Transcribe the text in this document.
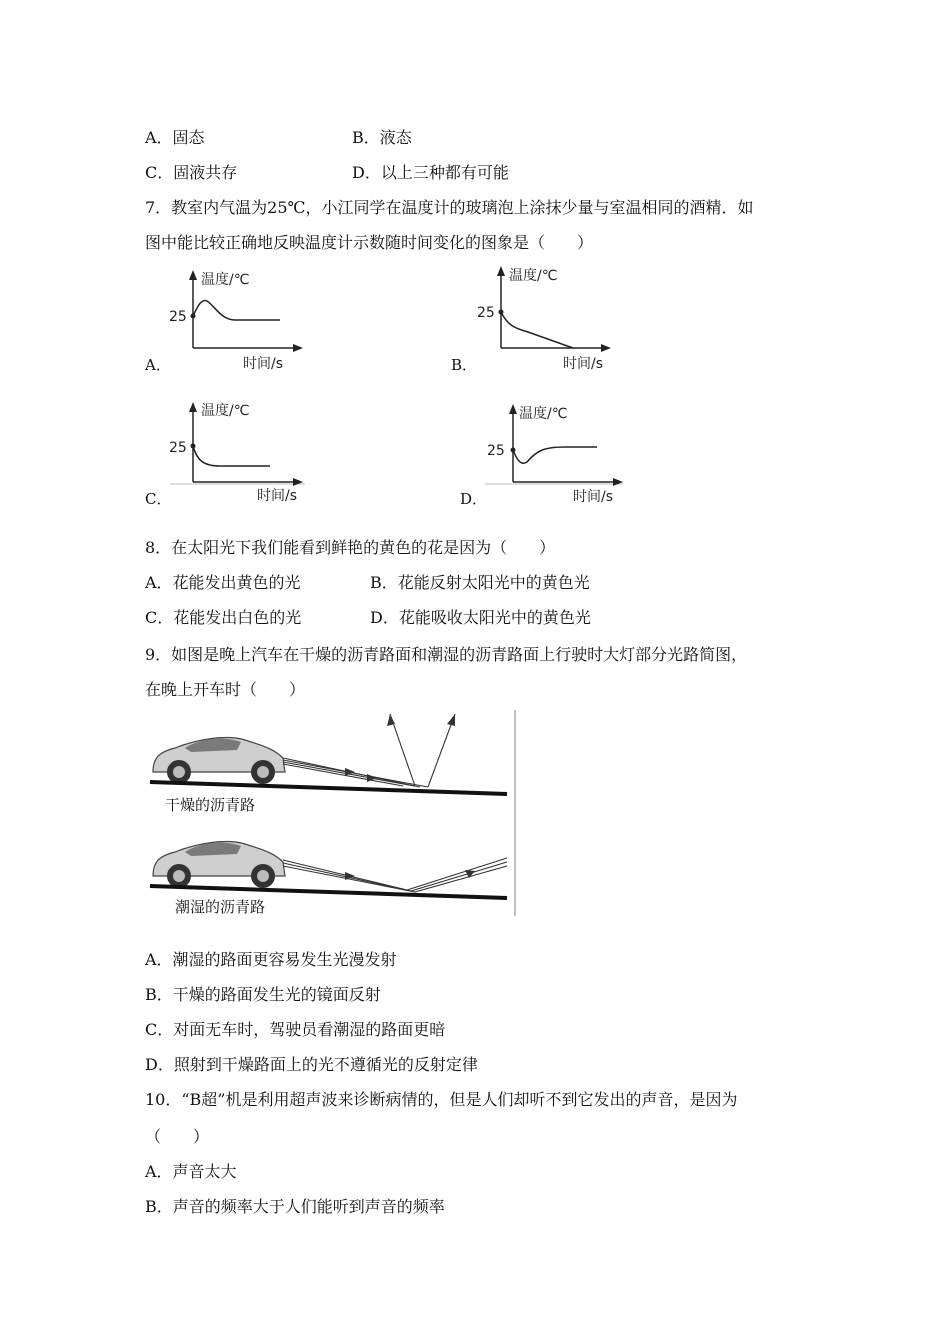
A．固态	B．液态
C．固液共存	D．以上三种都有可能
7．教室内气温为25℃，小江同学在温度计的玻璃泡上涂抹少量与室温相同的酒精．如
图中能比较正确地反映温度计示数随时间变化的图象是（　　）
A．
温度/℃
25
时间/s	B．
温度/℃
25
时间/s
C．
温度/℃
25
时间/s	D．
温度/℃
25
时间/s
8．在太阳光下我们能看到鲜艳的黄色的花是因为（　　）
A．花能发出黄色的光	B．花能反射太阳光中的黄色光
C．花能发出白色的光	D．花能吸收太阳光中的黄色光
9．如图是晚上汽车在干燥的沥青路面和潮湿的沥青路面上行驶时大灯部分光路简图，
在晚上开车时（　　）
干燥的沥青路
潮湿的沥青路
A．潮湿的路面更容易发生光漫发射
B．干燥的路面发生光的镜面反射
C．对面无车时，驾驶员看潮湿的路面更暗
D．照射到干燥路面上的光不遵循光的反射定律
10．“B超”机是利用超声波来诊断病情的，但是人们却听不到它发出的声音，是因为
（　　）
A．声音太大
B．声音的频率大于人们能听到声音的频率
